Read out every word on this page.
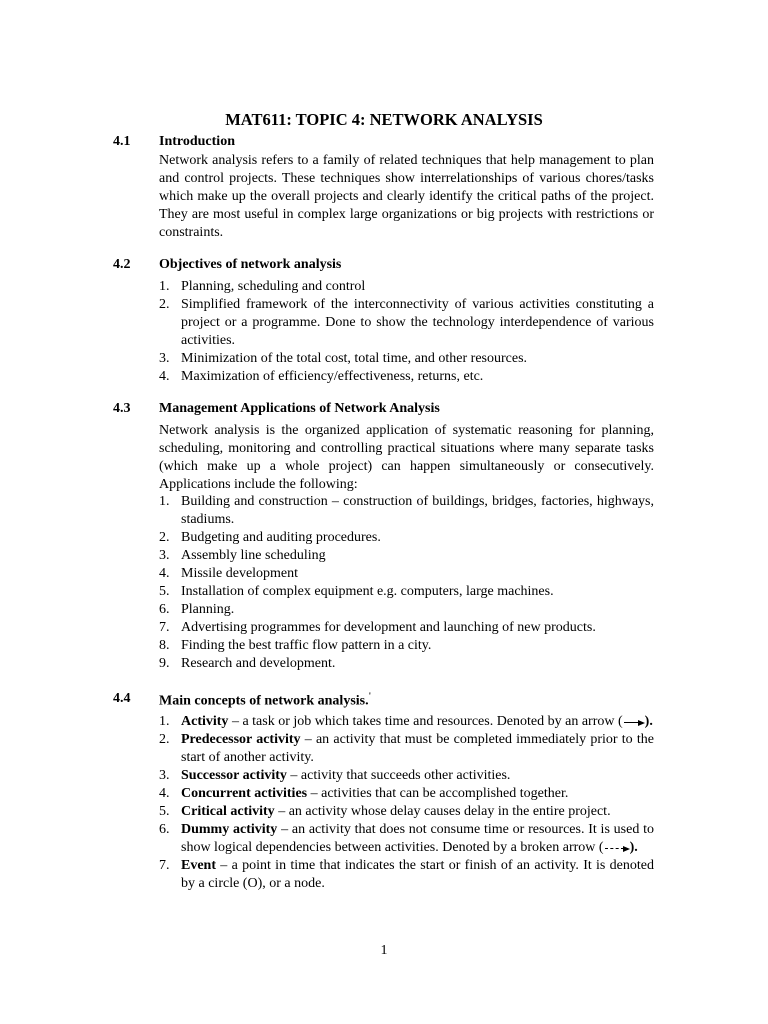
MAT611: TOPIC 4: NETWORK ANALYSIS
4.1 Introduction
Network analysis refers to a family of related techniques that help management to plan and control projects. These techniques show interrelationships of various chores/tasks which make up the overall projects and clearly identify the critical paths of the project. They are most useful in complex large organizations or big projects with restrictions or constraints.
4.2 Objectives of network analysis
1. Planning, scheduling and control
2. Simplified framework of the interconnectivity of various activities constituting a project or a programme. Done to show the technology interdependence of various activities.
3. Minimization of the total cost, total time, and other resources.
4. Maximization of efficiency/effectiveness, returns, etc.
4.3 Management Applications of Network Analysis
Network analysis is the organized application of systematic reasoning for planning, scheduling, monitoring and controlling practical situations where many separate tasks (which make up a whole project) can happen simultaneously or consecutively. Applications include the following:
1. Building and construction – construction of buildings, bridges, factories, highways, stadiums.
2. Budgeting and auditing procedures.
3. Assembly line scheduling
4. Missile development
5. Installation of complex equipment e.g. computers, large machines.
6. Planning.
7. Advertising programmes for development and launching of new products.
8. Finding the best traffic flow pattern in a city.
9. Research and development.
4.4 Main concepts of network analysis.'
1. Activity – a task or job which takes time and resources. Denoted by an arrow ( ).
2. Predecessor activity – an activity that must be completed immediately prior to the start of another activity.
3. Successor activity – activity that succeeds other activities.
4. Concurrent activities – activities that can be accomplished together.
5. Critical activity – an activity whose delay causes delay in the entire project.
6. Dummy activity – an activity that does not consume time or resources. It is used to show logical dependencies between activities. Denoted by a broken arrow ( ).
7. Event – a point in time that indicates the start or finish of an activity. It is denoted by a circle (O), or a node.
1
